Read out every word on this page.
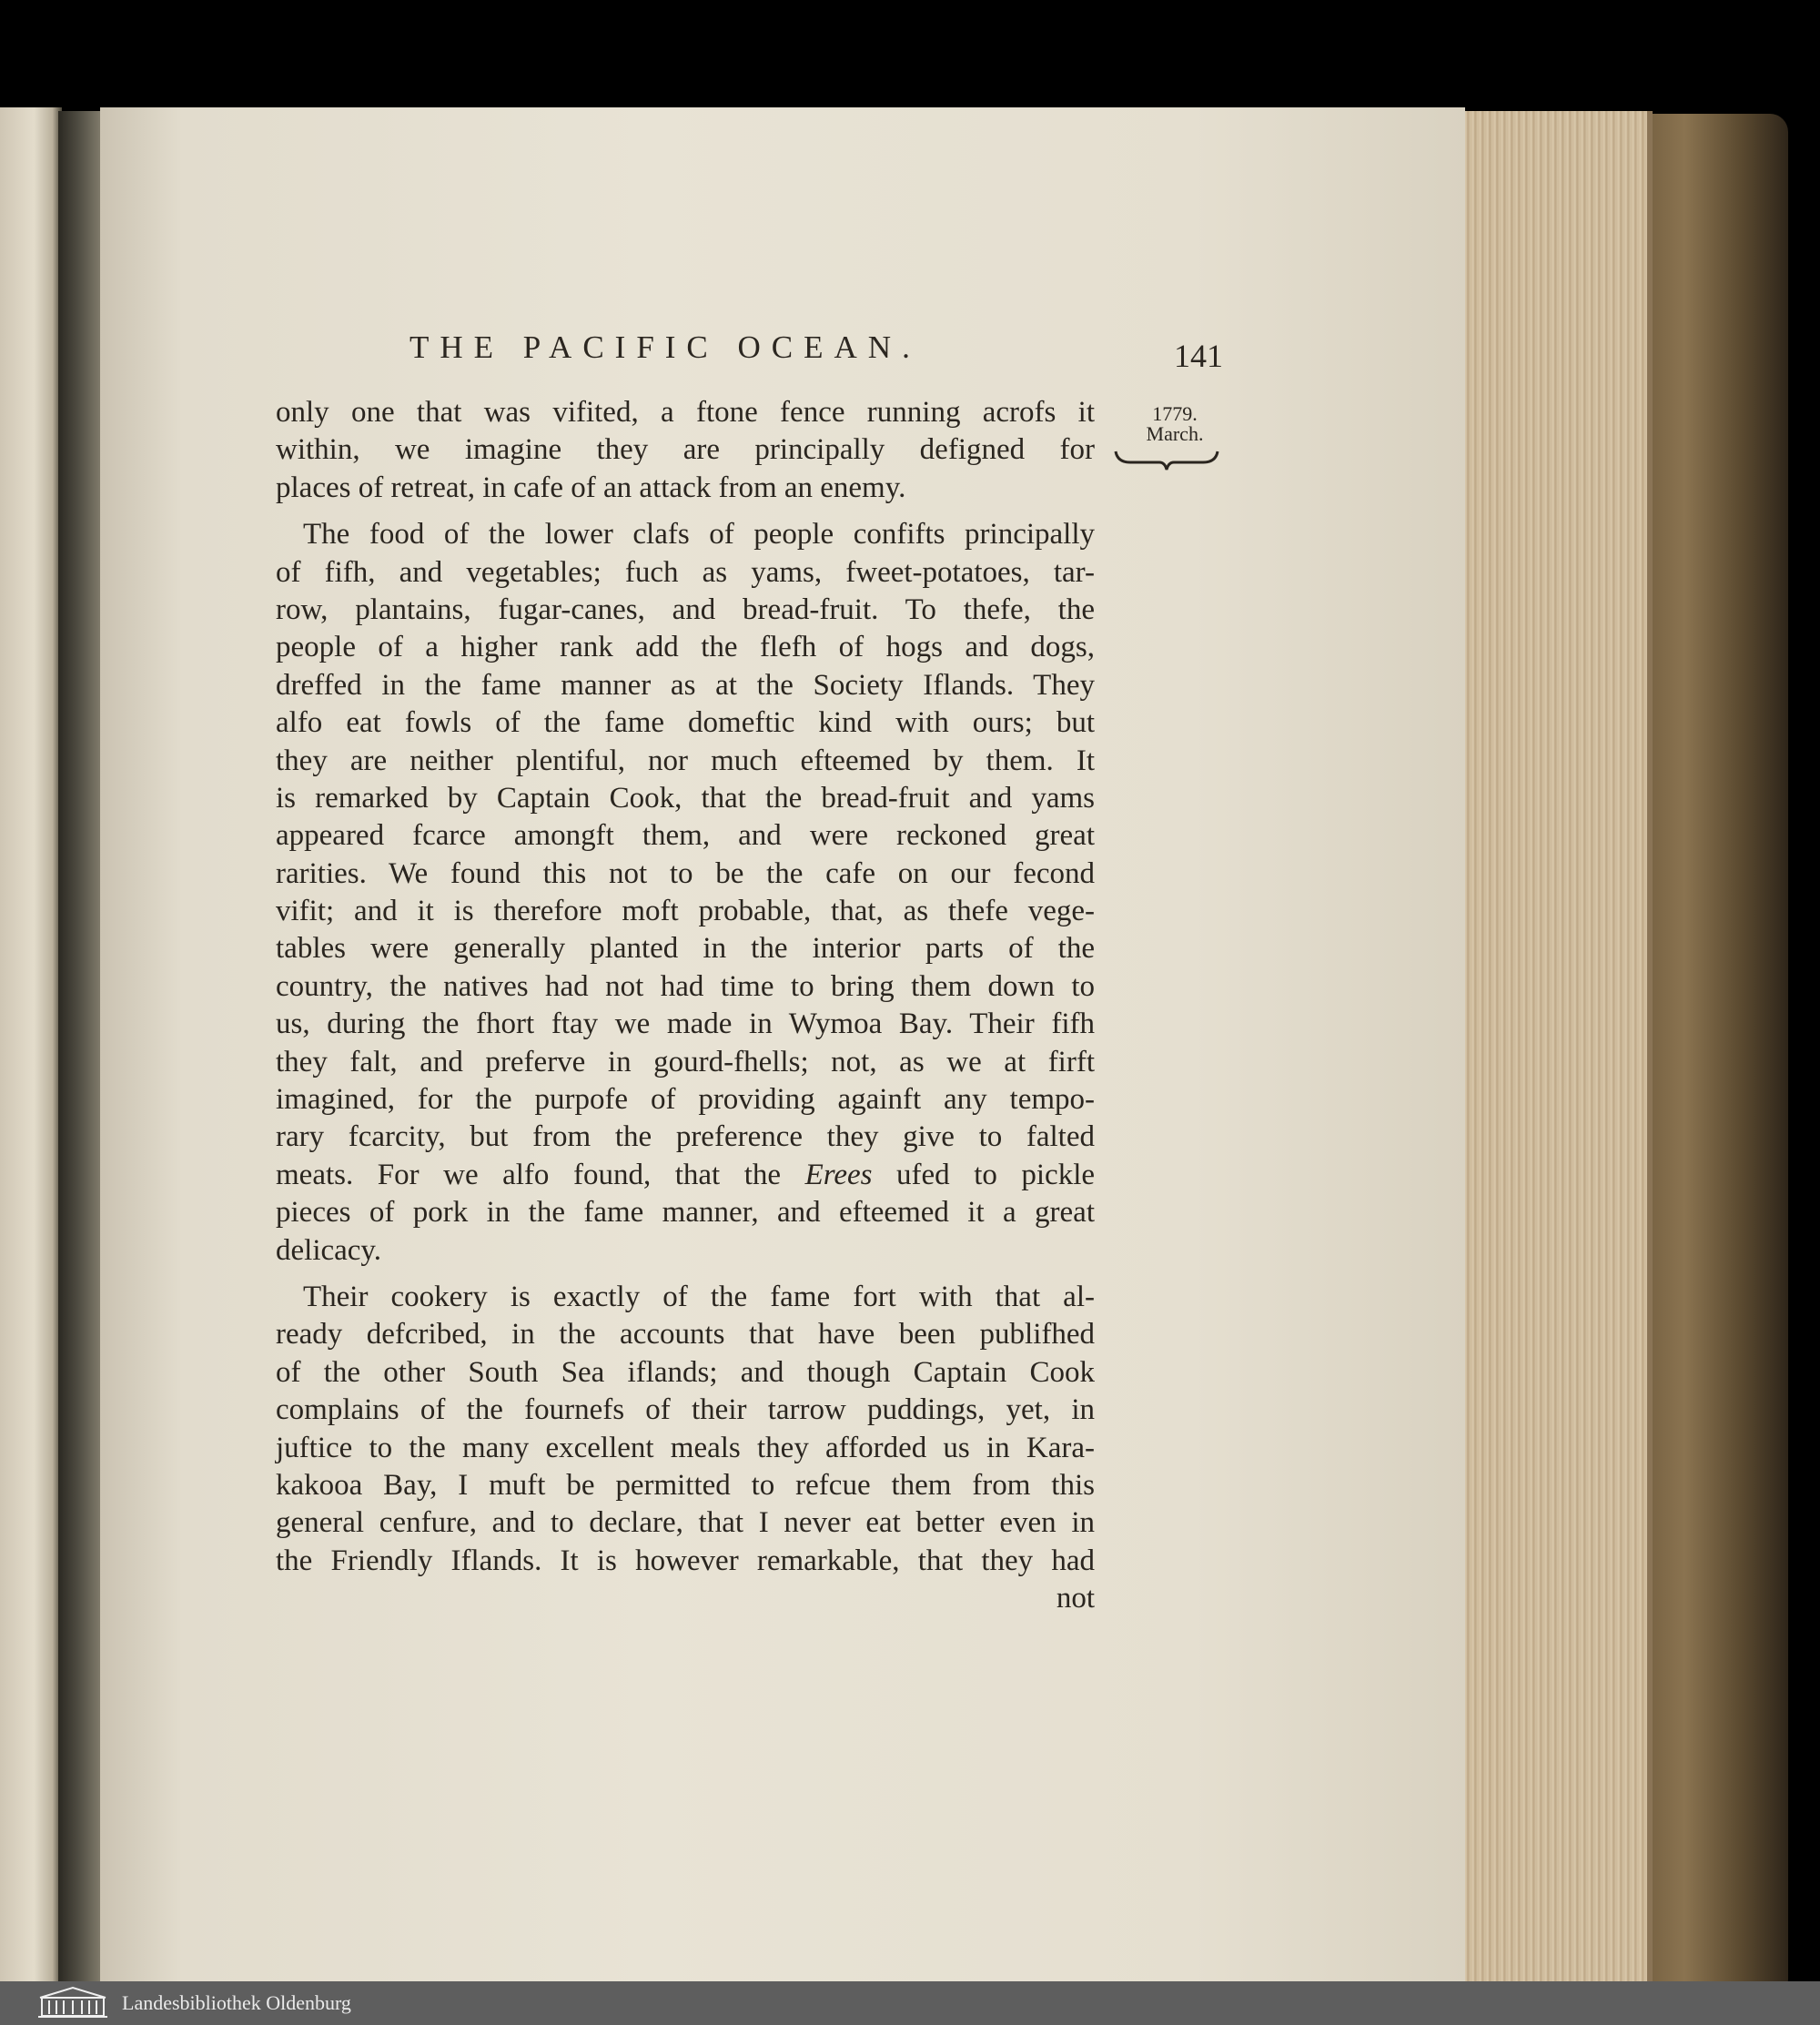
THE PACIFIC OCEAN.	141
1779.
March.
only one that was vifited, a ftone fence running acrofs it
within, we imagine they are principally defigned for
places of retreat, in cafe of an attack from an enemy.
The food of the lower clafs of people confifts principally
of fifh, and vegetables; fuch as yams, fweet-potatoes, tar-
row, plantains, fugar-canes, and bread-fruit. To thefe, the
people of a higher rank add the flefh of hogs and dogs,
dreffed in the fame manner as at the Society Iflands. They
alfo eat fowls of the fame domeftic kind with ours; but
they are neither plentiful, nor much efteemed by them. It
is remarked by Captain Cook, that the bread-fruit and yams
appeared fcarce amongft them, and were reckoned great
rarities. We found this not to be the cafe on our fecond
vifit; and it is therefore moft probable, that, as thefe vege-
tables were generally planted in the interior parts of the
country, the natives had not had time to bring them down to
us, during the fhort ftay we made in Wymoa Bay. Their fifh
they falt, and preferve in gourd-fhells; not, as we at firft
imagined, for the purpofe of providing againft any tempo-
rary fcarcity, but from the preference they give to falted
meats. For we alfo found, that the Erees ufed to pickle
pieces of pork in the fame manner, and efteemed it a great
delicacy.
Their cookery is exactly of the fame fort with that al-
ready defcribed, in the accounts that have been publifhed
of the other South Sea iflands; and though Captain Cook
complains of the fournefs of their tarrow puddings, yet, in
juftice to the many excellent meals they afforded us in Kara-
kakooa Bay, I muft be permitted to refcue them from this
general cenfure, and to declare, that I never eat better even in
the Friendly Iflands. It is however remarkable, that they had
not
Landesbibliothek Oldenburg
